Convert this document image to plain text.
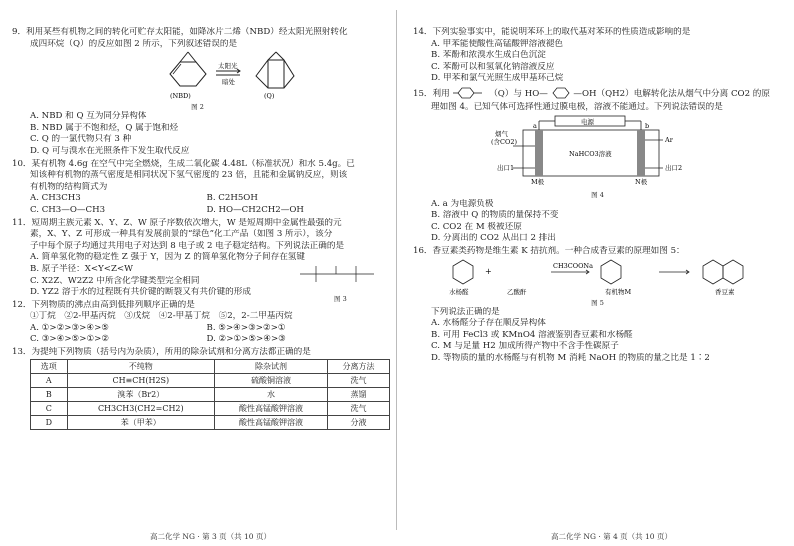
9．利用某些有机物之间的转化可贮存太阳能，如降冰片二烯（NBD）经太阳光照射转化
成四环烷（Q）的反应如图 2 所示，下列叙述错误的是
(NBD)
太阳光
暗处
(Q)
图 2
A. NBD 和 Q 互为同分异构体
B. NBD 属于不饱和烃，Q 属于饱和烃
C. Q 的一氯代物只有 3 种
D. Q 可与溴水在光照条件下发生取代反应
10．某有机物 4.6g 在空气中完全燃烧，生成二氧化碳 4.48L（标准状况）和水 5.4g。已
知该种有机物的蒸气密度是相同状况下氢气密度的 23 倍，且能和金属钠反应，则该
有机物的结构简式为
A. CH3CH3	B. C2H5OH
C. CH3—O—CH3	D. HO—CH2CH2—OH
11．短周期主族元素 X、Y、Z、W 原子序数依次增大，W 是短周期中金属性最强的元
素，X、Y、Z 可形成一种具有发展前景的“绿色”化工产品（如图 3 所示），该分
子中每个原子均通过共用电子对达到 8 电子或 2 电子稳定结构。下列说法正确的是
A. 简单氢化物的稳定性 Z 强于 Y，因为 Z 的简单氢化物分子间存在氢键
B. 原子半径：X<Y<Z<W
C. X2Z、W2Z2 中所含化学键类型完全相同
D. YZ2 溶于水的过程既有共价键的断裂又有共价键的形成
图 3
12．下列物质的沸点由高到低排列顺序正确的是
①丁烷　②2-甲基丙烷　③戊烷　④2-甲基丁烷　⑤2，2-二甲基丙烷
A. ①>②>③>④>⑤	B. ⑤>④>③>②>①
C. ③>④>⑤>①>②	D. ②>①>⑤>④>③
13．为提纯下列物质（括号内为杂质），所用的除杂试剂和分离方法都正确的是
选项	不纯物	除杂试剂	分离方法
A	CH≡CH(H2S)	硫酸铜溶液	洗气
B	溴苯（Br2）	水	蒸馏
C	CH3CH3(CH2=CH2)	酸性高锰酸钾溶液	洗气
D	苯（甲苯）	酸性高锰酸钾溶液	分液
高二化学 NG · 第 3 页（共 10 页）
14．下列实验事实中，能说明苯环上的取代基对苯环的性质造成影响的是
A. 甲苯能使酸性高锰酸钾溶液褪色
B. 苯酚和浓溴水生成白色沉淀
C. 苯酚可以和氢氧化钠溶液反应
D. 甲苯和氯气光照生成甲基环己烷
15．利用	（Q）与 HO—	—OH（QH2）电解转化法从烟气中分离 CO2 的原
理如图 4。已知气体可选择性通过膜电极，溶液不能通过。下列说法错误的是
电源
a	b
NaHCO3溶液
烟气
(含CO2)
出口1
Ar
出口2
M极	N极
图 4
A. a 为电源负极
B. 溶液中 Q 的物质的量保持不变
C. CO2 在 M 极被还原
D. 分离出的 CO2 从出口 2 排出
16．香豆素类药物是维生素 K 拮抗剂。一种合成香豆素的原理如图 5：
水杨醛
+
乙酸酐
CH3COONa
有机物M	香豆素
图 5
下列说法正确的是
A. 水杨醛分子存在顺反异构体
B. 可用 FeCl3 或 KMnO4 溶液鉴别香豆素和水杨醛
C. M 与足量 H2 加成所得产物中不含手性碳原子
D. 等物质的量的水杨醛与有机物 M 消耗 NaOH 的物质的量之比是 1∶2
高二化学 NG · 第 4 页（共 10 页）
